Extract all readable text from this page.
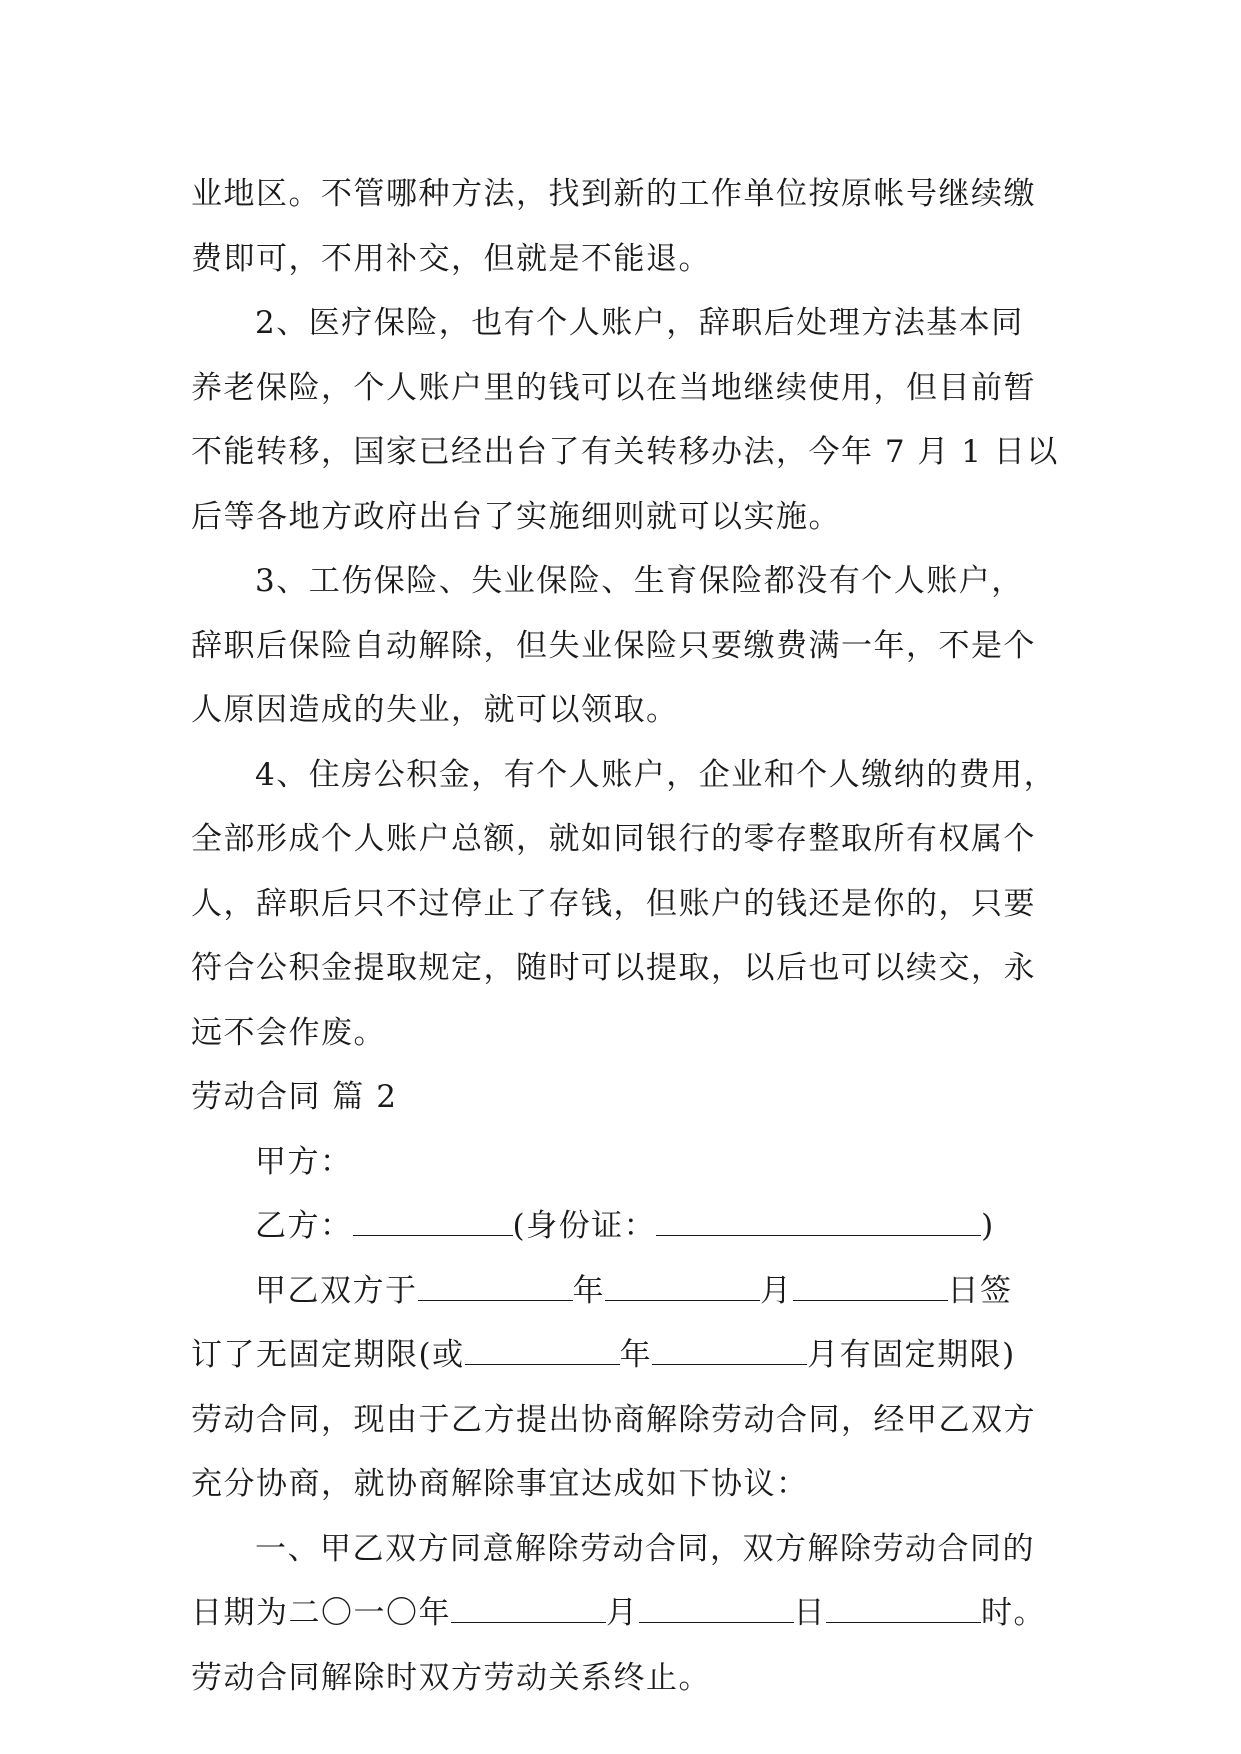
业地区。不管哪种方法，找到新的工作单位按原帐号继续缴
费即可，不用补交，但就是不能退。
2、医疗保险，也有个人账户，辞职后处理方法基本同
养老保险，个人账户里的钱可以在当地继续使用，但目前暂
不能转移，国家已经出台了有关转移办法，今年 7 月 1 日以
后等各地方政府出台了实施细则就可以实施。
3、工伤保险、失业保险、生育保险都没有个人账户，
辞职后保险自动解除，但失业保险只要缴费满一年，不是个
人原因造成的失业，就可以领取。
4、住房公积金，有个人账户，企业和个人缴纳的费用，
全部形成个人账户总额，就如同银行的零存整取所有权属个
人，辞职后只不过停止了存钱，但账户的钱还是你的，只要
符合公积金提取规定，随时可以提取，以后也可以续交，永
远不会作废。
劳动合同 篇 2
甲方：
乙方：	(身份证：	)
甲乙双方于	年	月	日签
订了无固定期限(或	年	月有固定期限)
劳动合同，现由于乙方提出协商解除劳动合同，经甲乙双方
充分协商，就协商解除事宜达成如下协议：
一、甲乙双方同意解除劳动合同，双方解除劳动合同的
日期为二〇一〇年	月	日	时。
劳动合同解除时双方劳动关系终止。
